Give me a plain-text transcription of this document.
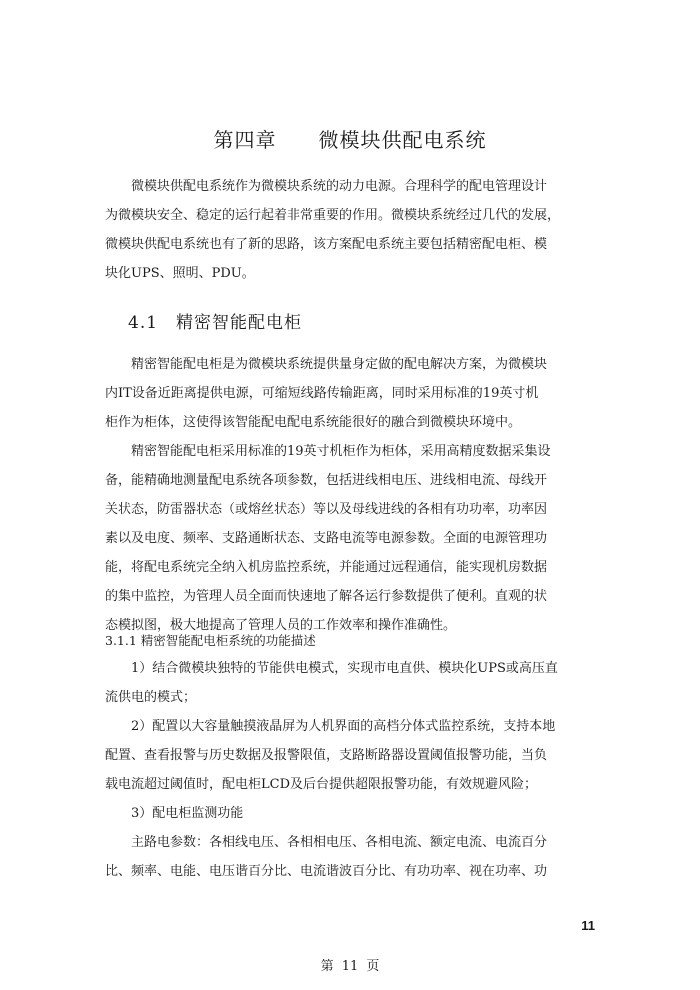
第四章　　微模块供配电系统
　　微模块供配电系统作为微模块系统的动力电源。合理科学的配电管理设计
为微模块安全、稳定的运行起着非常重要的作用。微模块系统经过几代的发展，
微模块供配电系统也有了新的思路，该方案配电系统主要包括精密配电柜、模
块化UPS、照明、PDU。
4.1　精密智能配电柜
　　精密智能配电柜是为微模块系统提供量身定做的配电解决方案，为微模块
内IT设备近距离提供电源，可缩短线路传输距离，同时采用标准的19英寸机
柜作为柜体，这使得该智能配电配电系统能很好的融合到微模块环境中。
　　精密智能配电柜采用标准的19英寸机柜作为柜体，采用高精度数据采集设
备，能精确地测量配电系统各项参数，包括进线相电压、进线相电流、母线开
关状态，防雷器状态（或熔丝状态）等以及母线进线的各相有功功率，功率因
素以及电度、频率、支路通断状态、支路电流等电源参数。全面的电源管理功
能，将配电系统完全纳入机房监控系统，并能通过远程通信，能实现机房数据
的集中监控，为管理人员全面而快速地了解各运行参数提供了便利。直观的状
态模拟图，极大地提高了管理人员的工作效率和操作准确性。
3.1.1 精密智能配电柜系统的功能描述
　　1）结合微模块独特的节能供电模式，实现市电直供、模块化UPS或高压直
流供电的模式；
　　2）配置以大容量触摸液晶屏为人机界面的高档分体式监控系统，支持本地
配置、查看报警与历史数据及报警限值，支路断路器设置阈值报警功能，当负
载电流超过阈值时，配电柜LCD及后台提供超限报警功能，有效规避风险；
　　3）配电柜监测功能
　　主路电参数：各相线电压、各相相电压、各相电流、额定电流、电流百分
比、频率、电能、电压谐百分比、电流谐波百分比、有功功率、视在功率、功
11
第 11 页
